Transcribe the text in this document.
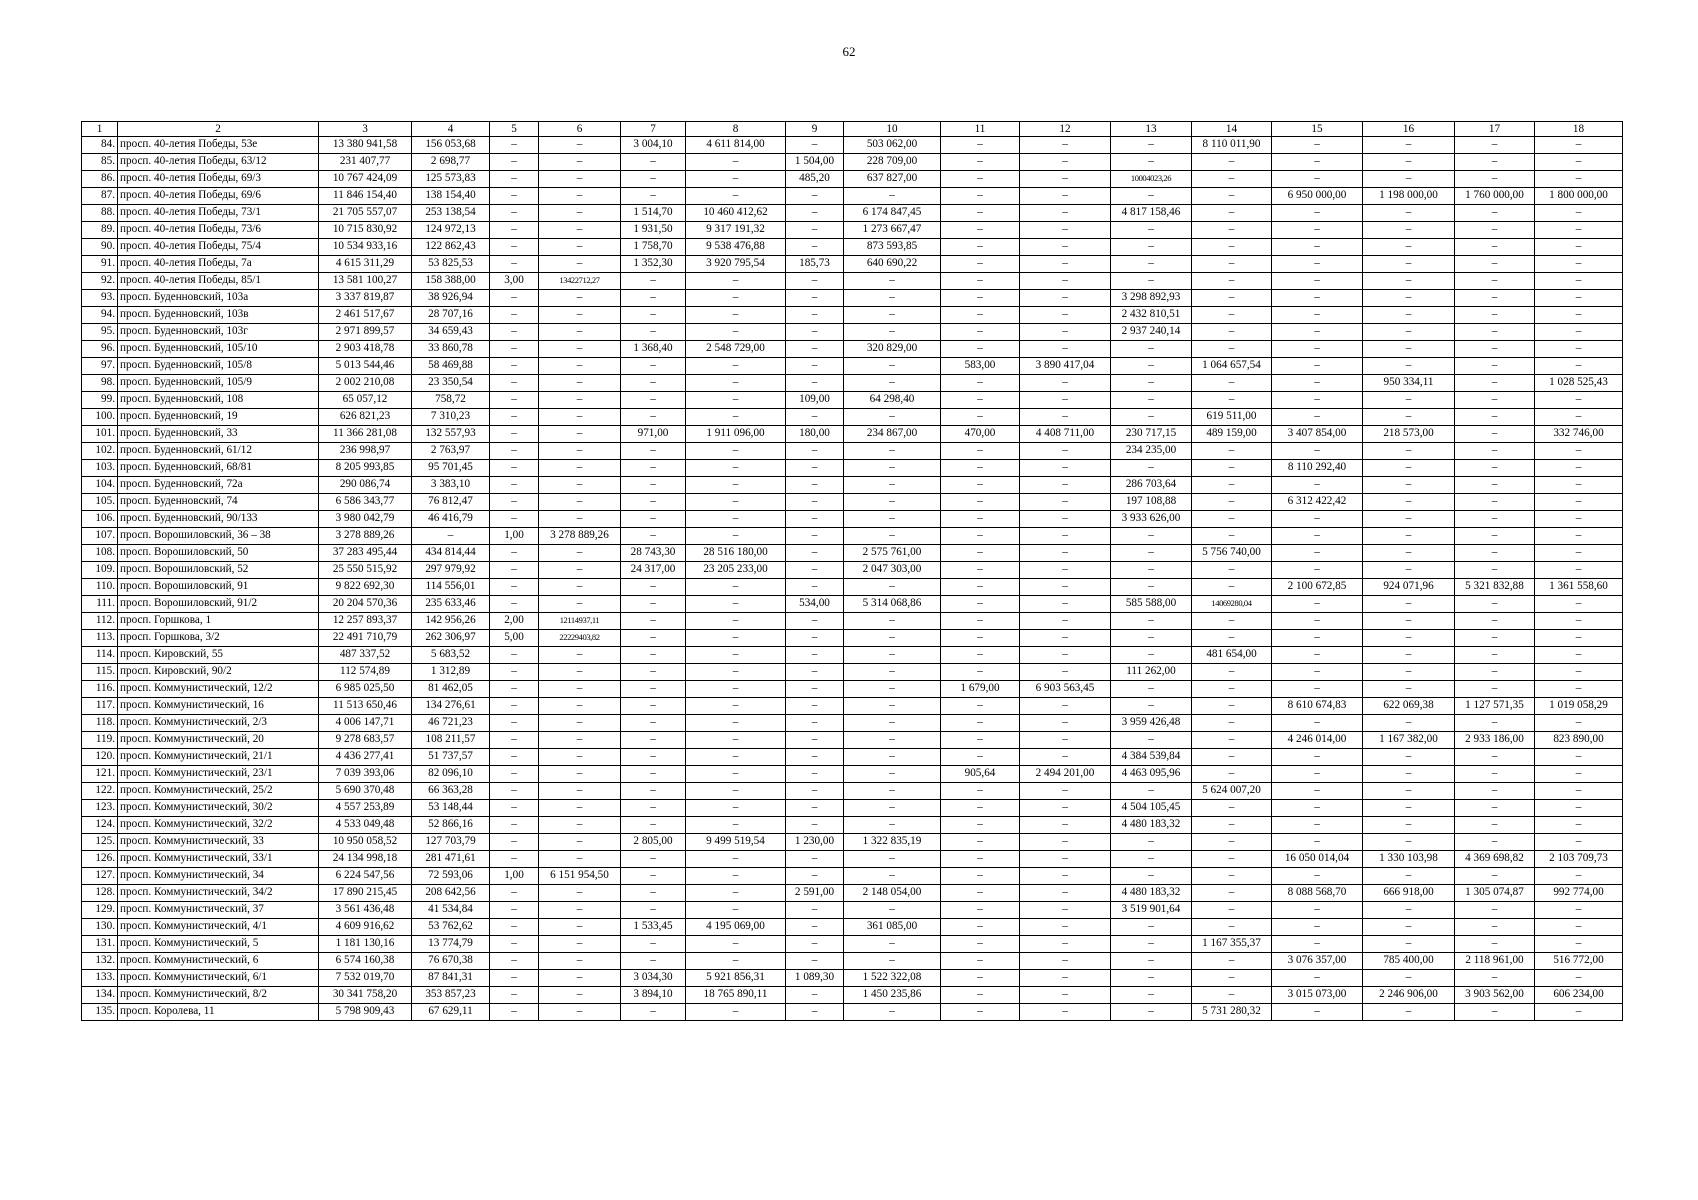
62
1	2	3	4	5	6	7	8	9	10	11	12	13	14	15	16	17	18
84.	просп. 40-летия Победы, 53е	13 380 941,58	156 053,68	–	–	3 004,10	4 611 814,00	–	503 062,00	–	–	–	8 110 011,90	–	–	–	–
85.	просп. 40-летия Победы, 63/12	231 407,77	2 698,77	–	–	–	–	1 504,00	228 709,00	–	–	–	–	–	–	–	–
86.	просп. 40-летия Победы, 69/3	10 767 424,09	125 573,83	–	–	–	–	485,20	637 827,00	–	–	10004023,26	–	–	–	–	–
87.	просп. 40-летия Победы, 69/6	11 846 154,40	138 154,40	–	–	–	–	–	–	–	–	–	–	6 950 000,00	1 198 000,00	1 760 000,00	1 800 000,00
88.	просп. 40-летия Победы, 73/1	21 705 557,07	253 138,54	–	–	1 514,70	10 460 412,62	–	6 174 847,45	–	–	4 817 158,46	–	–	–	–	–
89.	просп. 40-летия Победы, 73/6	10 715 830,92	124 972,13	–	–	1 931,50	9 317 191,32	–	1 273 667,47	–	–	–	–	–	–	–	–
90.	просп. 40-летия Победы, 75/4	10 534 933,16	122 862,43	–	–	1 758,70	9 538 476,88	–	873 593,85	–	–	–	–	–	–	–	–
91.	просп. 40-летия Победы, 7а	4 615 311,29	53 825,53	–	–	1 352,30	3 920 795,54	185,73	640 690,22	–	–	–	–	–	–	–	–
92.	просп. 40-летия Победы, 85/1	13 581 100,27	158 388,00	3,00	13422712,27	–	–	–	–	–	–	–	–	–	–	–	–
93.	просп. Буденновский, 103а	3 337 819,87	38 926,94	–	–	–	–	–	–	–	–	3 298 892,93	–	–	–	–	–
94.	просп. Буденновский, 103в	2 461 517,67	28 707,16	–	–	–	–	–	–	–	–	2 432 810,51	–	–	–	–	–
95.	просп. Буденновский, 103г	2 971 899,57	34 659,43	–	–	–	–	–	–	–	–	2 937 240,14	–	–	–	–	–
96.	просп. Буденновский, 105/10	2 903 418,78	33 860,78	–	–	1 368,40	2 548 729,00	–	320 829,00	–	–	–	–	–	–	–	–
97.	просп. Буденновский, 105/8	5 013 544,46	58 469,88	–	–	–	–	–	–	583,00	3 890 417,04	–	1 064 657,54	–	–	–	–
98.	просп. Буденновский, 105/9	2 002 210,08	23 350,54	–	–	–	–	–	–	–	–	–	–	–	950 334,11	–	1 028 525,43
99.	просп. Буденновский, 108	65 057,12	758,72	–	–	–	–	109,00	64 298,40	–	–	–	–	–	–	–	–
100.	просп. Буденновский, 19	626 821,23	7 310,23	–	–	–	–	–	–	–	–	–	619 511,00	–	–	–	–
101.	просп. Буденновский, 33	11 366 281,08	132 557,93	–	–	971,00	1 911 096,00	180,00	234 867,00	470,00	4 408 711,00	230 717,15	489 159,00	3 407 854,00	218 573,00	–	332 746,00
102.	просп. Буденновский, 61/12	236 998,97	2 763,97	–	–	–	–	–	–	–	–	234 235,00	–	–	–	–	–
103.	просп. Буденновский, 68/81	8 205 993,85	95 701,45	–	–	–	–	–	–	–	–	–	–	8 110 292,40	–	–	–
104.	просп. Буденновский, 72а	290 086,74	3 383,10	–	–	–	–	–	–	–	–	286 703,64	–	–	–	–	–
105.	просп. Буденновский, 74	6 586 343,77	76 812,47	–	–	–	–	–	–	–	–	197 108,88	–	6 312 422,42	–	–	–
106.	просп. Буденновский, 90/133	3 980 042,79	46 416,79	–	–	–	–	–	–	–	–	3 933 626,00	–	–	–	–	–
107.	просп. Ворошиловский, 36 – 38	3 278 889,26	–	1,00	3 278 889,26	–	–	–	–	–	–	–	–	–	–	–	–
108.	просп. Ворошиловский, 50	37 283 495,44	434 814,44	–	–	28 743,30	28 516 180,00	–	2 575 761,00	–	–	–	5 756 740,00	–	–	–	–
109.	просп. Ворошиловский, 52	25 550 515,92	297 979,92	–	–	24 317,00	23 205 233,00	–	2 047 303,00	–	–	–	–	–	–	–	–
110.	просп. Ворошиловский, 91	9 822 692,30	114 556,01	–	–	–	–	–	–	–	–	–	–	2 100 672,85	924 071,96	5 321 832,88	1 361 558,60
111.	просп. Ворошиловский, 91/2	20 204 570,36	235 633,46	–	–	–	–	534,00	5 314 068,86	–	–	585 588,00	14069280,04	–	–	–	–
112.	просп. Горшкова, 1	12 257 893,37	142 956,26	2,00	12114937,11	–	–	–	–	–	–	–	–	–	–	–	–
113.	просп. Горшкова, 3/2	22 491 710,79	262 306,97	5,00	22229403,82	–	–	–	–	–	–	–	–	–	–	–	–
114.	просп. Кировский, 55	487 337,52	5 683,52	–	–	–	–	–	–	–	–	–	481 654,00	–	–	–	–
115.	просп. Кировский, 90/2	112 574,89	1 312,89	–	–	–	–	–	–	–	–	111 262,00	–	–	–	–	–
116.	просп. Коммунистический, 12/2	6 985 025,50	81 462,05	–	–	–	–	–	–	1 679,00	6 903 563,45	–	–	–	–	–	–
117.	просп. Коммунистический, 16	11 513 650,46	134 276,61	–	–	–	–	–	–	–	–	–	–	8 610 674,83	622 069,38	1 127 571,35	1 019 058,29
118.	просп. Коммунистический, 2/3	4 006 147,71	46 721,23	–	–	–	–	–	–	–	–	3 959 426,48	–	–	–	–	–
119.	просп. Коммунистический, 20	9 278 683,57	108 211,57	–	–	–	–	–	–	–	–	–	–	4 246 014,00	1 167 382,00	2 933 186,00	823 890,00
120.	просп. Коммунистический, 21/1	4 436 277,41	51 737,57	–	–	–	–	–	–	–	–	4 384 539,84	–	–	–	–	–
121.	просп. Коммунистический, 23/1	7 039 393,06	82 096,10	–	–	–	–	–	–	905,64	2 494 201,00	4 463 095,96	–	–	–	–	–
122.	просп. Коммунистический, 25/2	5 690 370,48	66 363,28	–	–	–	–	–	–	–	–	–	5 624 007,20	–	–	–	–
123.	просп. Коммунистический, 30/2	4 557 253,89	53 148,44	–	–	–	–	–	–	–	–	4 504 105,45	–	–	–	–	–
124.	просп. Коммунистический, 32/2	4 533 049,48	52 866,16	–	–	–	–	–	–	–	–	4 480 183,32	–	–	–	–	–
125.	просп. Коммунистический, 33	10 950 058,52	127 703,79	–	–	2 805,00	9 499 519,54	1 230,00	1 322 835,19	–	–	–	–	–	–	–	–
126.	просп. Коммунистический, 33/1	24 134 998,18	281 471,61	–	–	–	–	–	–	–	–	–	–	16 050 014,04	1 330 103,98	4 369 698,82	2 103 709,73
127.	просп. Коммунистический, 34	6 224 547,56	72 593,06	1,00	6 151 954,50	–	–	–	–	–	–	–	–	–	–	–	–
128.	просп. Коммунистический, 34/2	17 890 215,45	208 642,56	–	–	–	–	2 591,00	2 148 054,00	–	–	4 480 183,32	–	8 088 568,70	666 918,00	1 305 074,87	992 774,00
129.	просп. Коммунистический, 37	3 561 436,48	41 534,84	–	–	–	–	–	–	–	–	3 519 901,64	–	–	–	–	–
130.	просп. Коммунистический, 4/1	4 609 916,62	53 762,62	–	–	1 533,45	4 195 069,00	–	361 085,00	–	–	–	–	–	–	–	–
131.	просп. Коммунистический, 5	1 181 130,16	13 774,79	–	–	–	–	–	–	–	–	–	1 167 355,37	–	–	–	–
132.	просп. Коммунистический, 6	6 574 160,38	76 670,38	–	–	–	–	–	–	–	–	–	–	3 076 357,00	785 400,00	2 118 961,00	516 772,00
133.	просп. Коммунистический, 6/1	7 532 019,70	87 841,31	–	–	3 034,30	5 921 856,31	1 089,30	1 522 322,08	–	–	–	–	–	–	–	–
134.	просп. Коммунистический, 8/2	30 341 758,20	353 857,23	–	–	3 894,10	18 765 890,11	–	1 450 235,86	–	–	–	–	3 015 073,00	2 246 906,00	3 903 562,00	606 234,00
135.	просп. Королева, 11	5 798 909,43	67 629,11	–	–	–	–	–	–	–	–	–	5 731 280,32	–	–	–	–
